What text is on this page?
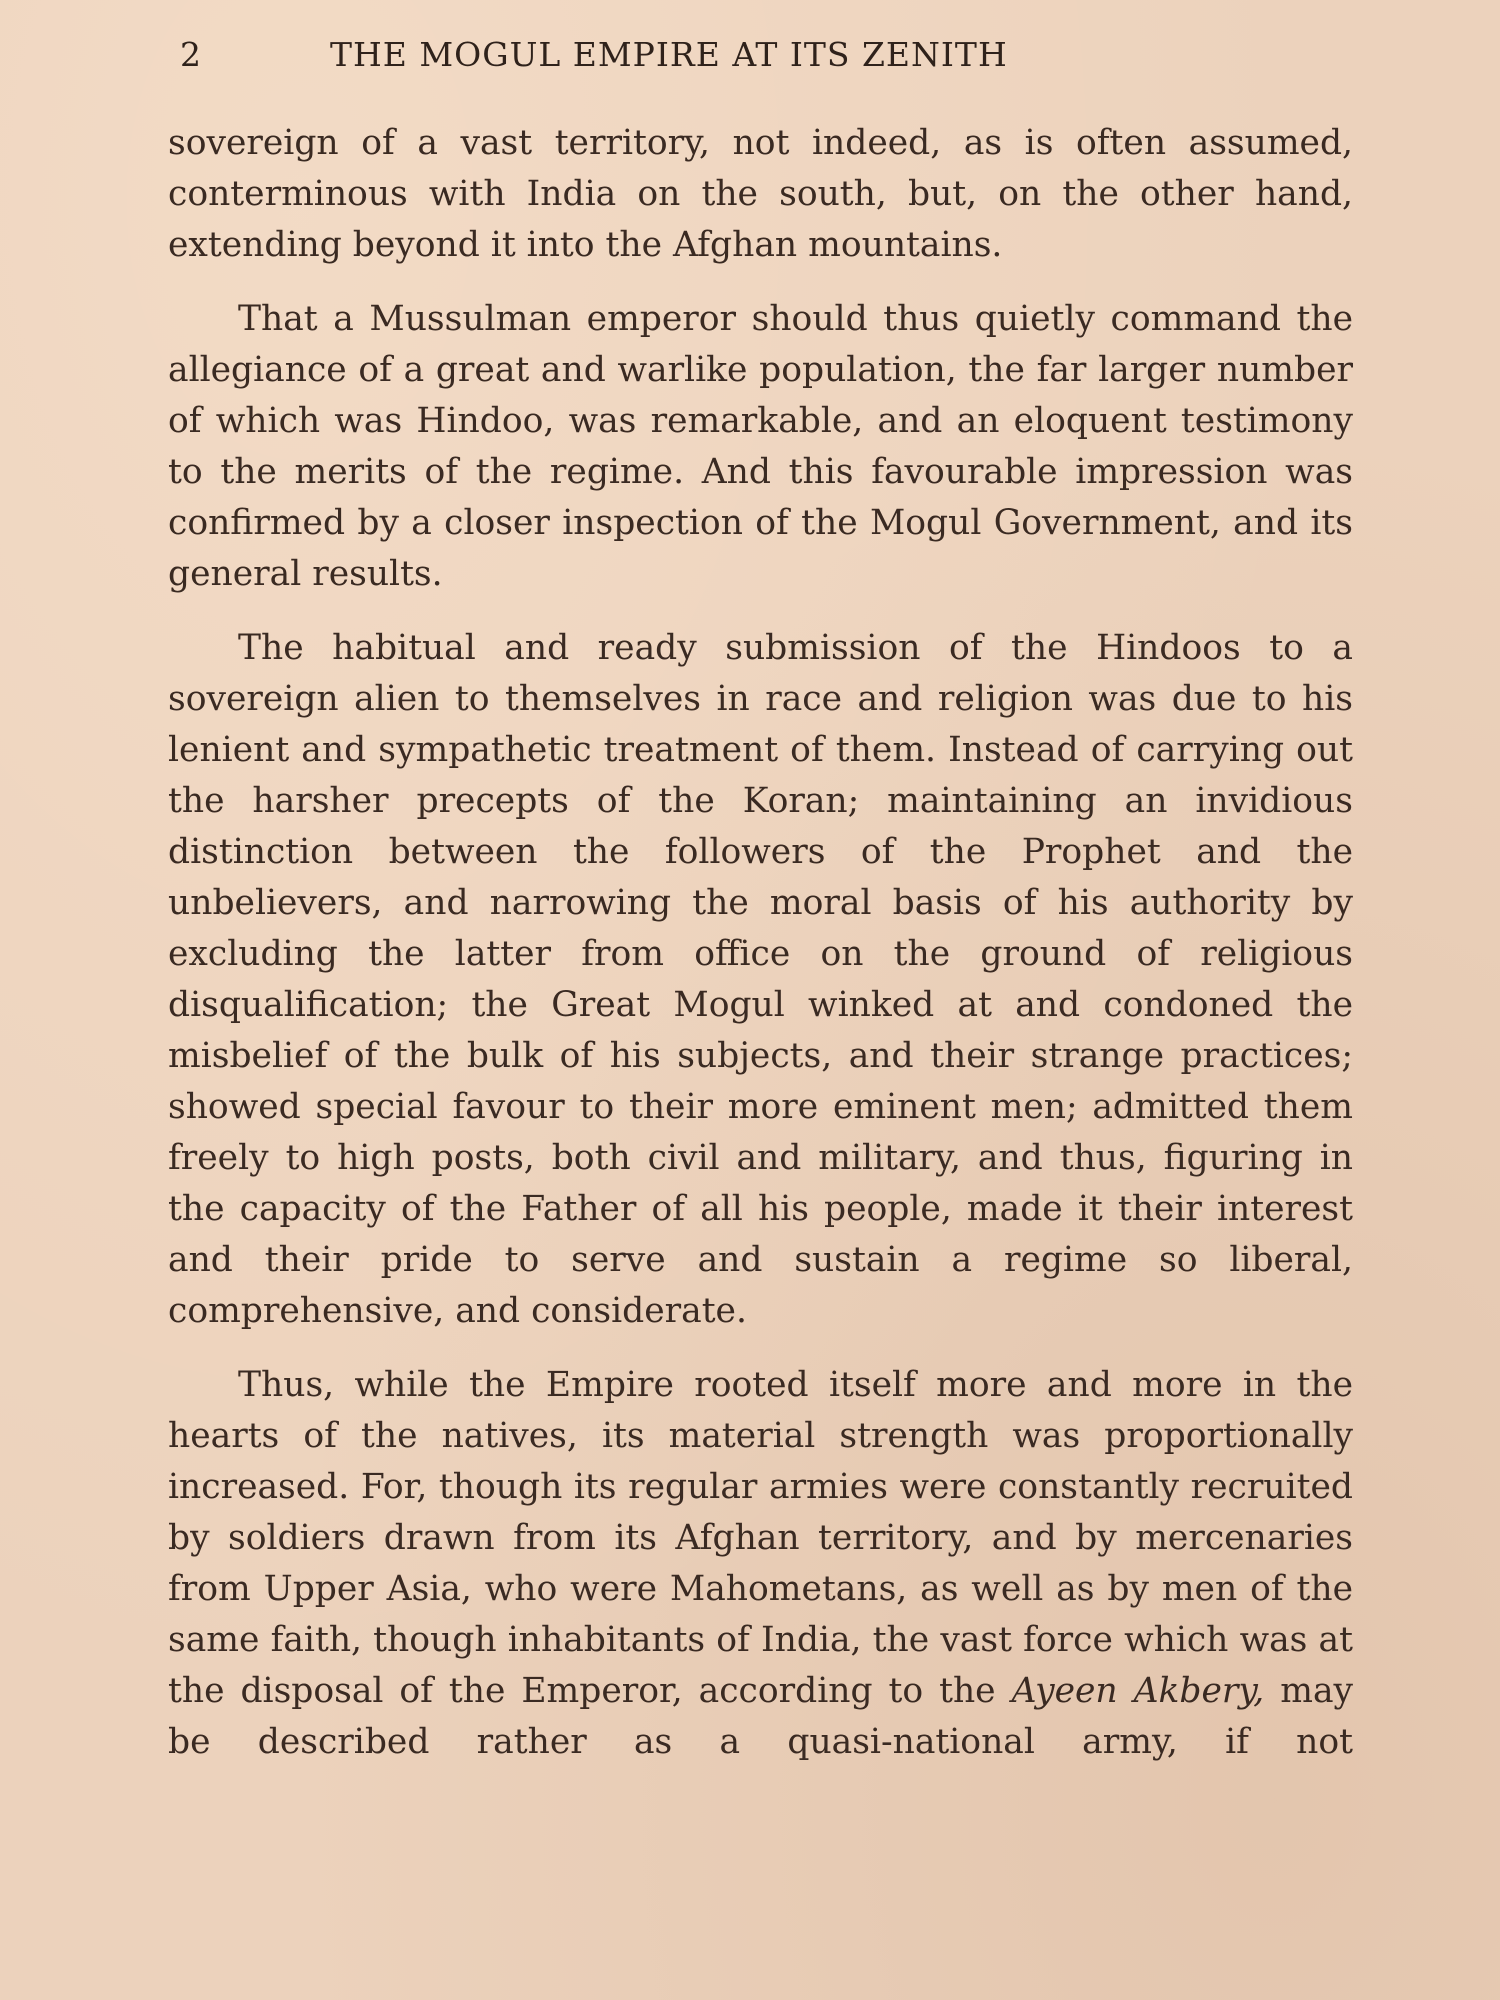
2	THE MOGUL EMPIRE AT ITS ZENITH

sovereign of a vast territory, not indeed, as is often assumed, conterminous with India on the south, but, on the other hand, extending beyond it into the Afghan mountains.

That a Mussulman emperor should thus quietly command the allegiance of a great and warlike population, the far larger number of which was Hindoo, was remarkable, and an eloquent testimony to the merits of the regime. And this favourable impression was confirmed by a closer inspection of the Mogul Government, and its general results.

The habitual and ready submission of the Hindoos to a sovereign alien to themselves in race and religion was due to his lenient and sympathetic treatment of them. Instead of carrying out the harsher precepts of the Koran; maintaining an invidious distinction between the followers of the Prophet and the unbelievers, and narrowing the moral basis of his authority by excluding the latter from office on the ground of religious disqualification; the Great Mogul winked at and condoned the misbelief of the bulk of his subjects, and their strange practices; showed special favour to their more eminent men; admitted them freely to high posts, both civil and military, and thus, figuring in the capacity of the Father of all his people, made it their interest and their pride to serve and sustain a regime so liberal, comprehensive, and considerate.

Thus, while the Empire rooted itself more and more in the hearts of the natives, its material strength was proportionally increased. For, though its regular armies were constantly recruited by soldiers drawn from its Afghan territory, and by mercenaries from Upper Asia, who were Mahometans, as well as by men of the same faith, though inhabitants of India, the vast force which was at the disposal of the Emperor, according to the Ayeen Akbery, may be described rather as a quasi-national army, if not
